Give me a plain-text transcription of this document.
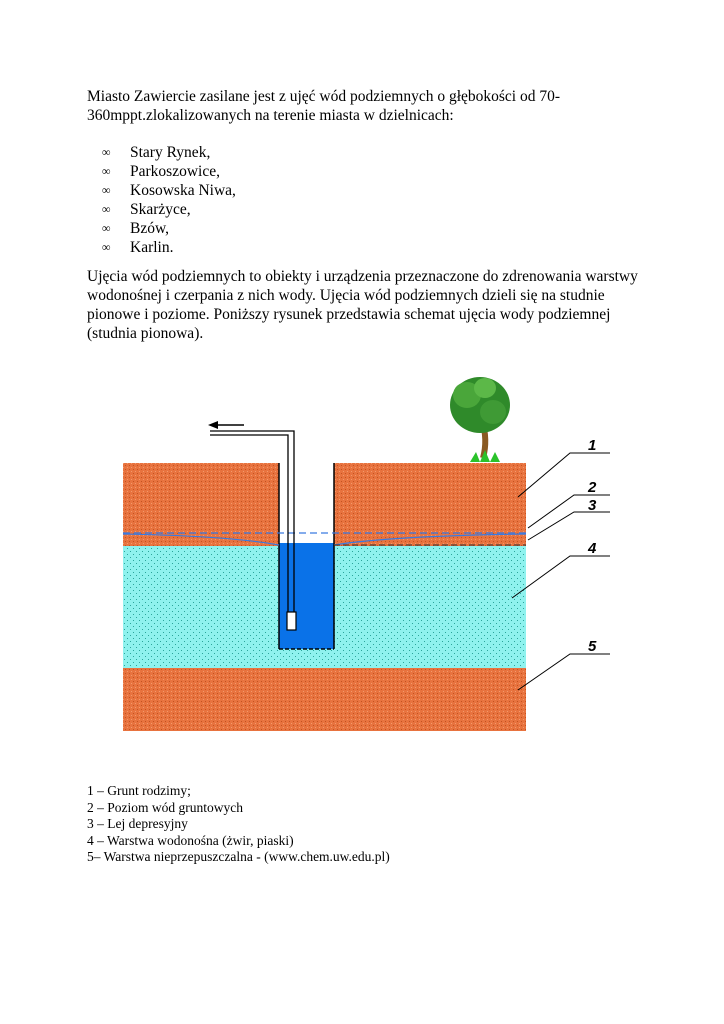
Miasto Zawiercie zasilane jest z ujęć wód podziemnych o głębokości od 70-360mppt.zlokalizowanych na terenie miasta w dzielnicach:
∞ Stary Rynek,
∞ Parkoszowice,
∞ Kosowska Niwa,
∞ Skarżyce,
∞ Bzów,
∞ Karlin.
Ujęcia wód podziemnych to obiekty i urządzenia przeznaczone do zdrenowania warstwy wodonośnej i czerpania z nich wody. Ujęcia wód podziemnych dzieli się na studnie pionowe i poziome. Poniższy rysunek przedstawia schemat ujęcia wody podziemnej (studnia pionowa).
1
2
3
4
5
1 – Grunt rodzimy;
2 – Poziom wód gruntowych
3 – Lej depresyjny
4 – Warstwa wodonośna (żwir, piaski)
5– Warstwa nieprzepuszczalna - (www.chem.uw.edu.pl)
